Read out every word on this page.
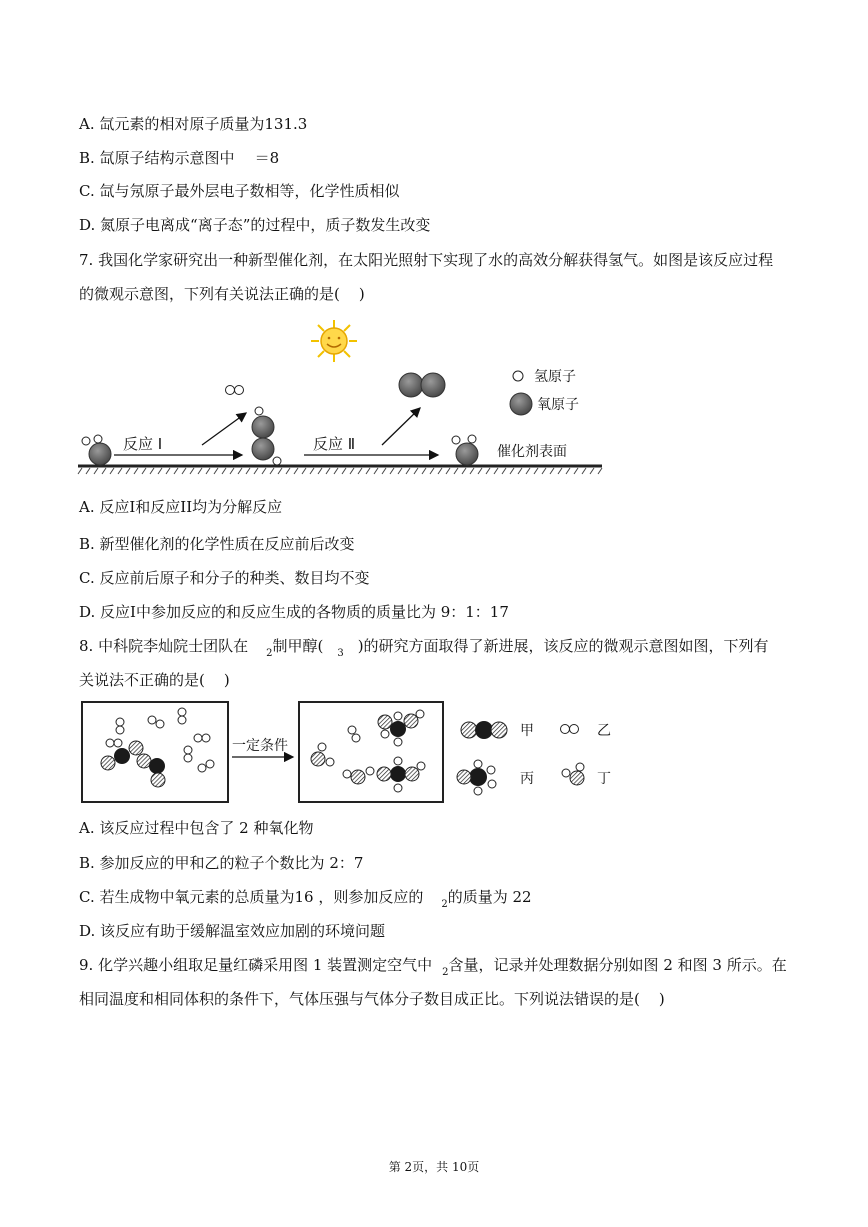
A. 氙元素的相对原子质量为131.3
B. 氙原子结构示意图中 ＝8
C. 氙与氖原子最外层电子数相等，化学性质相似
D. 氮原子电离成“离子态”的过程中，质子数发生改变
7. 我国化学家研究出一种新型催化剂，在太阳光照射下实现了水的高效分解获得氢气。如图是该反应过程
的微观示意图，下列有关说法正确的是(    )
反应 I	反应 Ⅱ
氢原子
氧原子
催化剂表面
A. 反应I和反应II均为分解反应
B. 新型催化剂的化学性质在反应前后改变
C. 反应前后原子和分子的种类、数目均不变
D. 反应I中参加反应的和反应生成的各物质的质量比为 9：1：17
8. 中科院李灿院士团队在 $_2$制甲醇( $_3$ )的研究方面取得了新进展，该反应的微观示意图如图，下列有
关说法不正确的是(    )
一定条件
甲	乙
丙	丁
A. 该反应过程中包含了 2 种氧化物
B. 参加反应的甲和乙的粒子个数比为 2：7
C. 若生成物中氧元素的总质量为16 ，则参加反应的 $_2$的质量为 22
D. 该反应有助于缓解温室效应加剧的环境问题
9. 化学兴趣小组取足量红磷采用图 1 装置测定空气中 $_2$含量，记录并处理数据分别如图 2 和图 3 所示。在
相同温度和相同体积的条件下，气体压强与气体分子数目成正比。下列说法错误的是(    )
第 2页，共 10页
